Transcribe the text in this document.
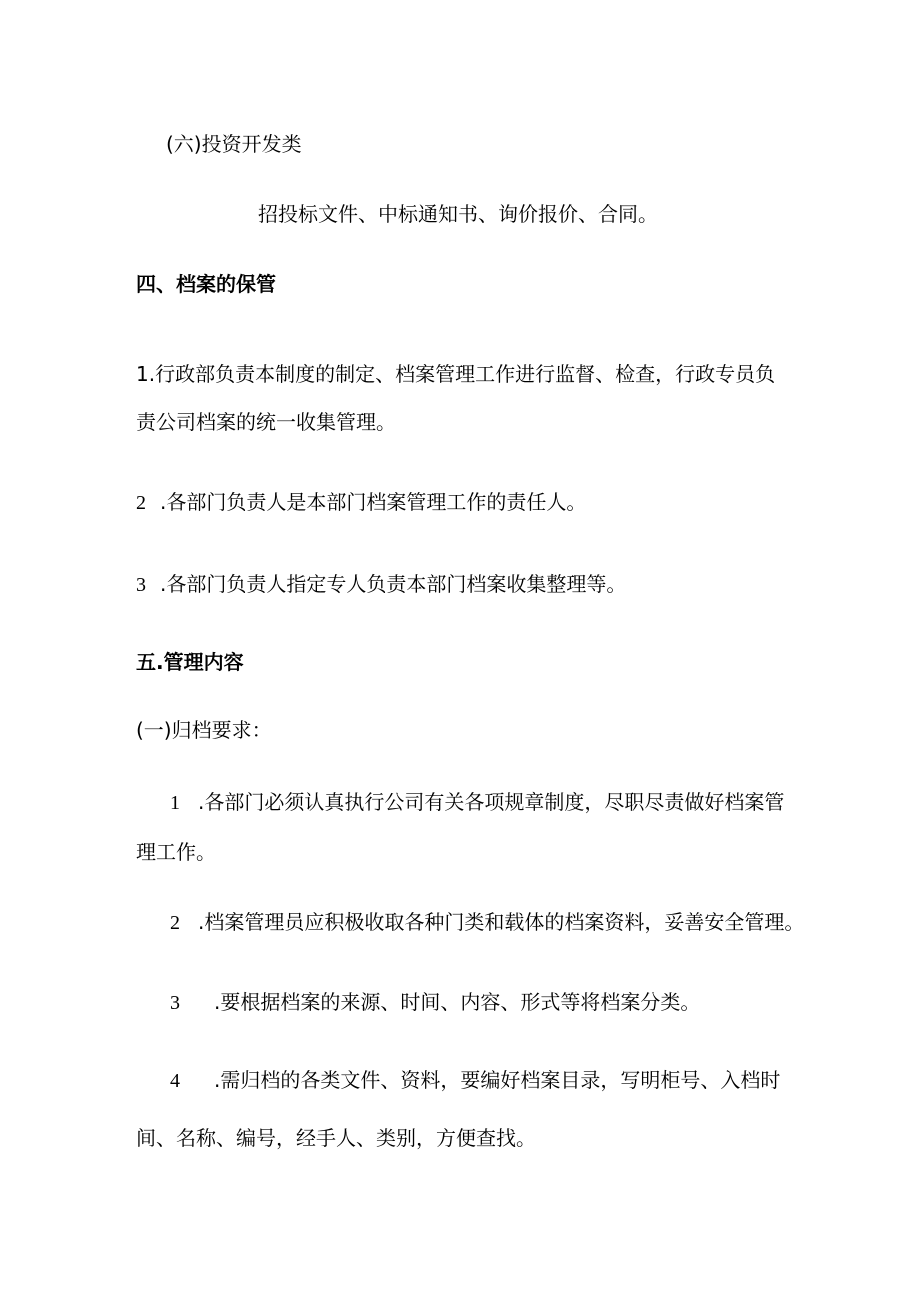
(六)投资开发类
招投标文件、中标通知书、询价报价、合同。
四、档案的保管
1.行政部负责本制度的制定、档案管理工作进行监督、检查，行政专员负
责公司档案的统一收集管理。
2 .各部门负责人是本部门档案管理工作的责任人。
3 .各部门负责人指定专人负责本部门档案收集整理等。
五.管理内容
(一)归档要求：
1 .各部门必须认真执行公司有关各项规章制度，尽职尽责做好档案管
理工作。
2 .档案管理员应积极收取各种门类和载体的档案资料，妥善安全管理。
3 .要根据档案的来源、时间、内容、形式等将档案分类。
4 .需归档的各类文件、资料，要编好档案目录，写明柜号、入档时
间、名称、编号，经手人、类别，方便查找。
